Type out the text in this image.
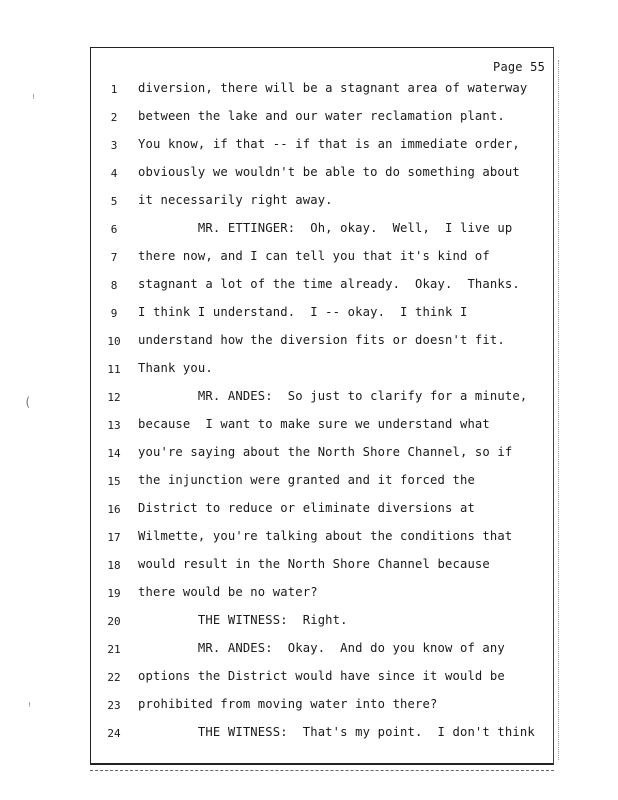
Page 55
1	diversion, there will be a stagnant area of waterway
2	between the lake and our water reclamation plant.
3	You know, if that -- if that is an immediate order,
4	obviously we wouldn't be able to do something about
5	it necessarily right away.
6	MR. ETTINGER:  Oh, okay.  Well,  I live up
7	there now, and I can tell you that it's kind of
8	stagnant a lot of the time already.  Okay.  Thanks.
9	I think I understand.  I -- okay.  I think I
10	understand how the diversion fits or doesn't fit.
11	Thank you.
12	MR. ANDES:  So just to clarify for a minute,
13	because  I want to make sure we understand what
14	you're saying about the North Shore Channel, so if
15	the injunction were granted and it forced the
16	District to reduce or eliminate diversions at
17	Wilmette, you're talking about the conditions that
18	would result in the North Shore Channel because
19	there would be no water?
20	THE WITNESS:  Right.
21	MR. ANDES:  Okay.  And do you know of any
22	options the District would have since it would be
23	prohibited from moving water into there?
24	THE WITNESS:  That's my point.  I don't think
ꜝ
(
ꜝ
